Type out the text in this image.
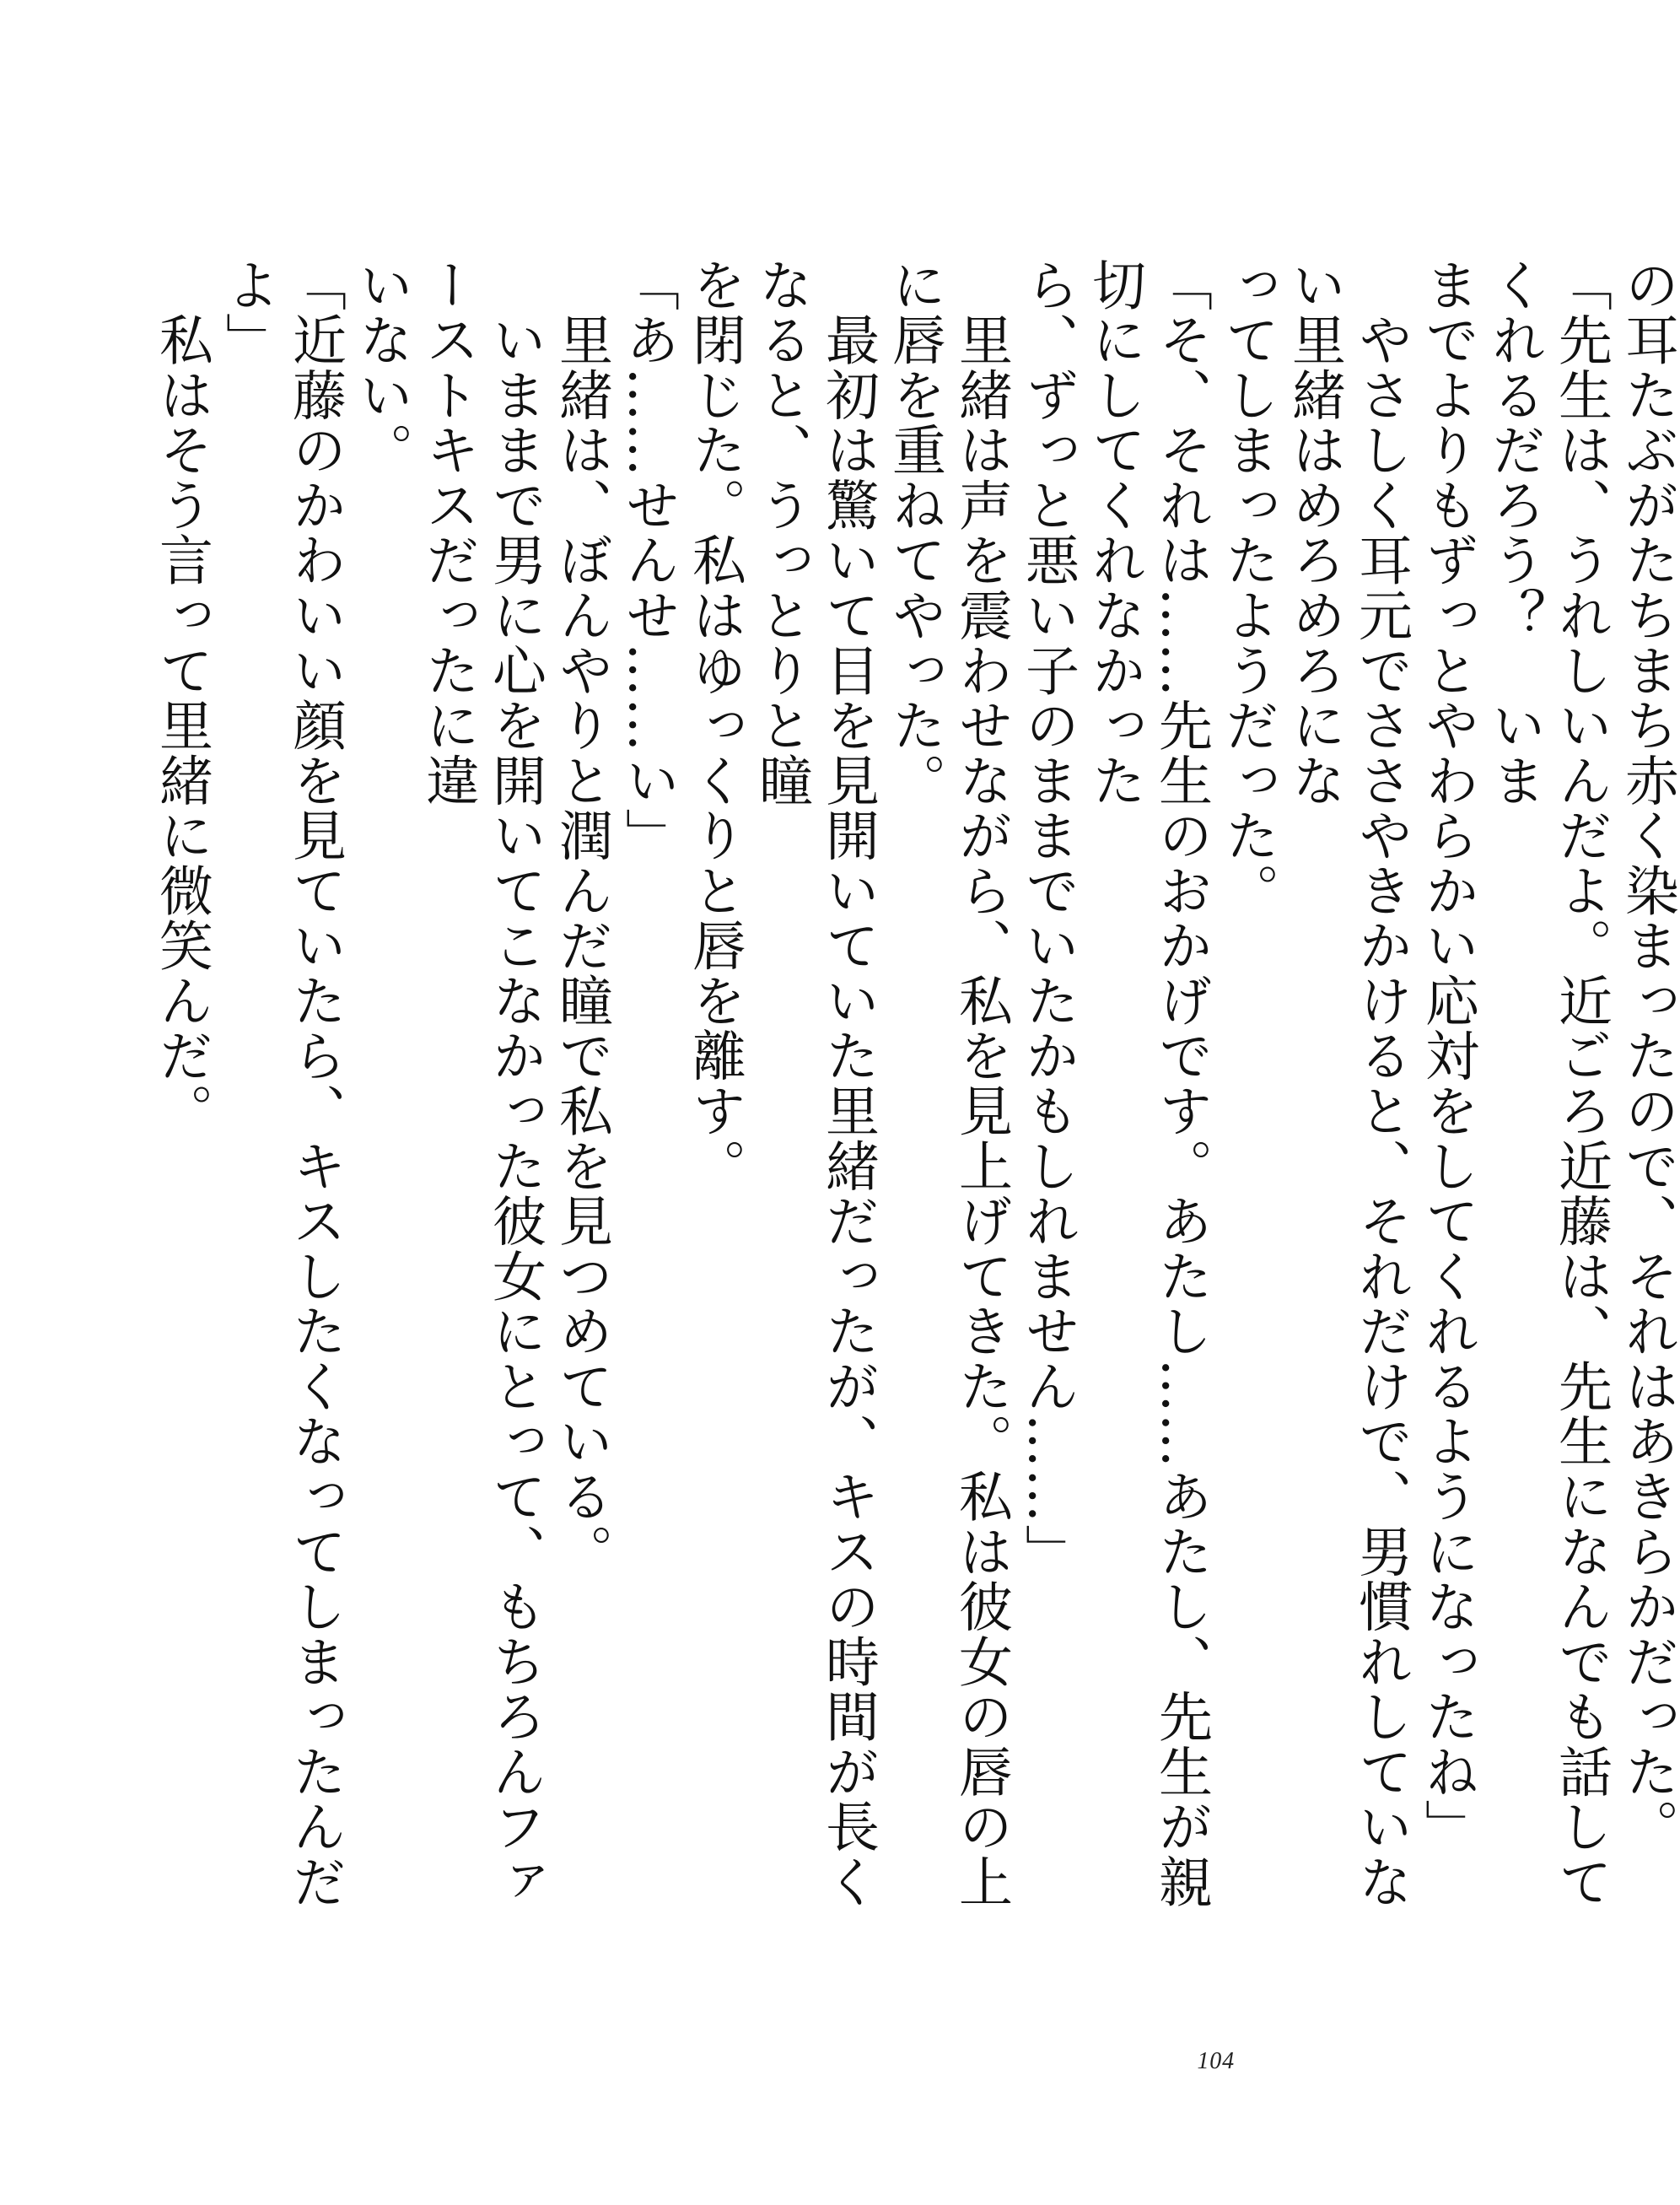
の耳たぶがたちまち赤く染まったので、それはあきらかだった。

「先生は、うれしいんだよ。近ごろ近藤は、先生になんでも話してくれるだろう？　いま

までよりもずっとやわらかい応対をしてくれるようになったね」

　やさしく耳元でささやきかけると、それだけで、男慣れしていない里緒はめろめろにな

ってしまったようだった。

「そ、それは……先生のおかげです。あたし……あたし、先生が親切にしてくれなかった

ら、ずっと悪い子のままでいたかもしれません……」

　里緒は声を震わせながら、私を見上げてきた。私は彼女の唇の上に唇を重ねてやった。

　最初は驚いて目を見開いていた里緒だったが、キスの時間が長くなると、うっとりと瞳

を閉じた。私はゆっくりと唇を離す。

「あ……せんせ……い」

　里緒は、ぼんやりと潤んだ瞳で私を見つめている。

　いままで男に心を開いてこなかった彼女にとって、もちろんファーストキスだったに違

いない。

「近藤のかわいい顔を見ていたら、キスしたくなってしまったんだよ」

　私はそう言って里緒に微笑んだ。

104
